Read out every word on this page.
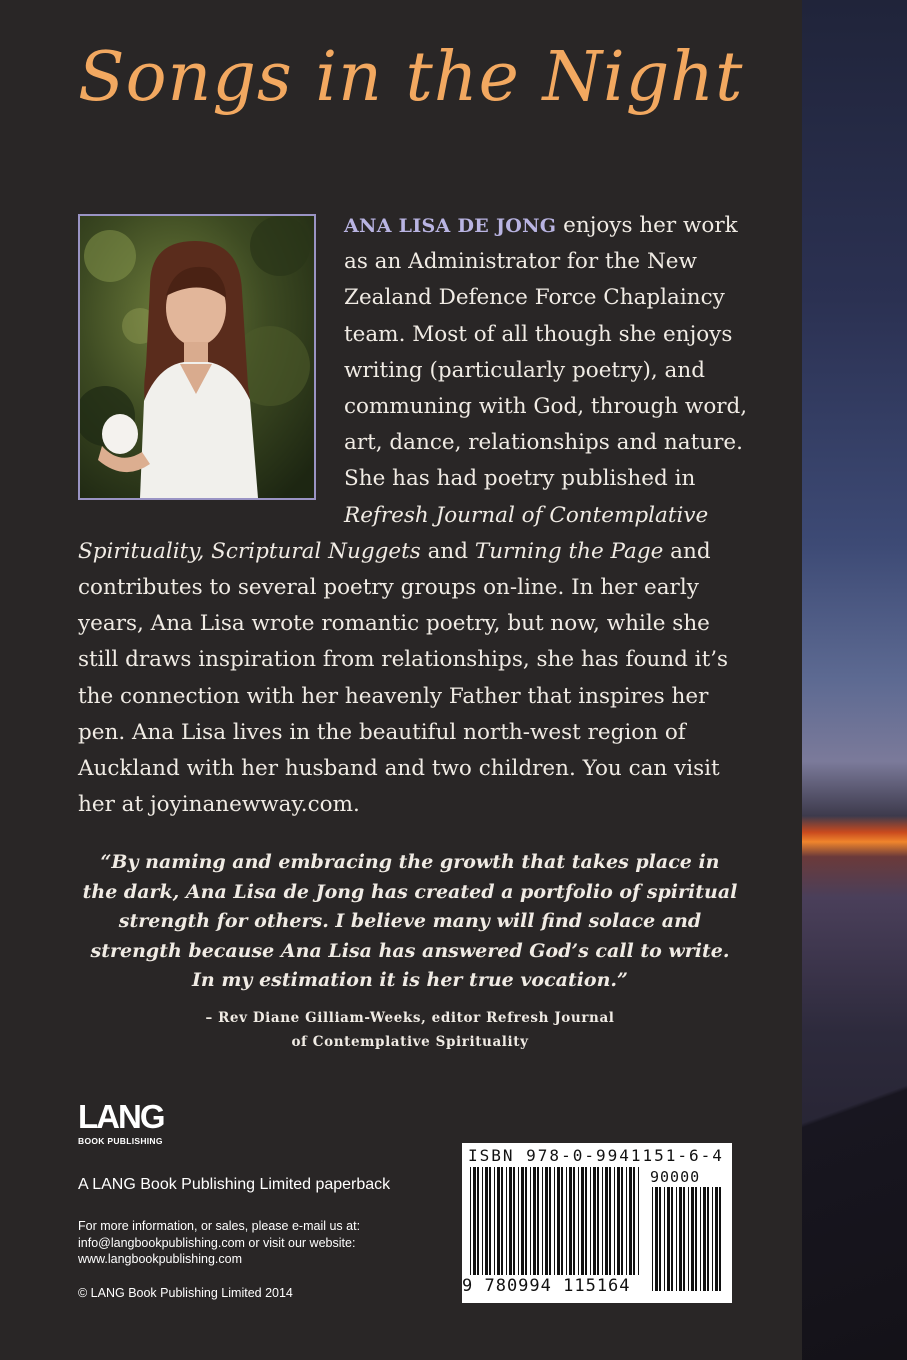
Songs in the Night

ANA LISA DE JONG enjoys her work as an Administrator for the New Zealand Defence Force Chaplaincy team. Most of all though she enjoys writing (particularly poetry), and communing with God, through word, art, dance, relationships and nature. She has had poetry published in Refresh Journal of Contemplative Spirituality, Scriptural Nuggets and Turning the Page and contributes to several poetry groups on-line. In her early years, Ana Lisa wrote romantic poetry, but now, while she still draws inspiration from relationships, she has found it’s the connection with her heavenly Father that inspires her pen. Ana Lisa lives in the beautiful north-west region of Auckland with her husband and two children. You can visit her at joyinanewway.com.

“By naming and embracing the growth that takes place in the dark, Ana Lisa de Jong has created a portfolio of spiritual strength for others. I believe many will find solace and strength because Ana Lisa has answered God’s call to write. In my estimation it is her true vocation.”

– Rev Diane Gilliam-Weeks, editor Refresh Journal
of Contemplative Spirituality

LANG
BOOK PUBLISHING

A LANG Book Publishing Limited paperback

For more information, or sales, please e-mail us at:
info@langbookpublishing.com or visit our website:
www.langbookpublishing.com

© LANG Book Publishing Limited 2014

ISBN 978-0-9941151-6-4
90000
9 780994 115164
